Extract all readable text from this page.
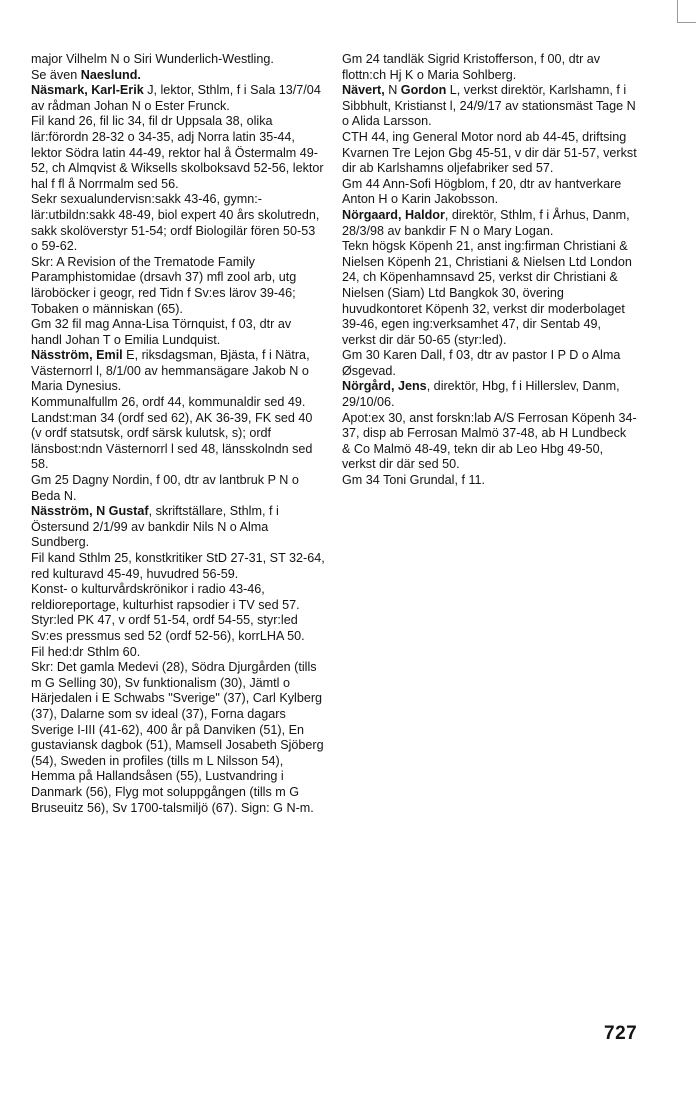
major Vilhelm N o Siri Wunderlich-Westling.

Se även Naeslund.

Näsmark, Karl-Erik J, lektor, Sthlm, f i Sala 13/7/04 av rådman Johan N o Ester Frunck.

Fil kand 26, fil lic 34, fil dr Uppsala 38, olika lär:förordn 28-32 o 34-35, adj Norra latin 35-44, lektor Södra latin 44-49, rektor hal å Östermalm 49-52, ch Almqvist & Wiksells skolboksavd 52-56, lektor hal f fl å Norrmalm sed 56.

Sekr sexualundervisn:sakk 43-46, gymn:-lär:utbildn:sakk 48-49, biol expert 40 års skolutredn, sakk skolöverstyr 51-54; ordf Biologilär fören 50-53 o 59-62.

Skr: A Revision of the Trematode Family Paramphistomidae (drsavh 37) mfl zool arb, utg läroböcker i geogr, red Tidn f Sv:es lärov 39-46; Tobaken o människan (65).

Gm 32 fil mag Anna-Lisa Törnquist, f 03, dtr av handl Johan T o Emilia Lundquist.

Näsström, Emil E, riksdagsman, Bjästa, f i Nätra, Västernorrl l, 8/1/00 av hemmansägare Jakob N o Maria Dynesius.

Kommunalfullm 26, ordf 44, kommunaldir sed 49.

Landst:man 34 (ordf sed 62), AK 36-39, FK sed 40 (v ordf statsutsk, ordf särsk kulutsk, s); ordf länsbost:ndn Västernorrl l sed 48, länsskolndn sed 58.

Gm 25 Dagny Nordin, f 00, dtr av lantbruk P N o Beda N.

Näsström, N Gustaf, skriftställare, Sthlm, f i Östersund 2/1/99 av bankdir Nils N o Alma Sundberg.

Fil kand Sthlm 25, konstkritiker StD 27-31, ST 32-64, red kulturavd 45-49, huvudred 56-59.

Konst- o kulturvårdskrönikor i radio 43-46, reldioreportage, kulturhist rapsodier i TV sed 57.

Styr:led PK 47, v ordf 51-54, ordf 54-55, styr:led Sv:es pressmus sed 52 (ordf 52-56), korrLHA 50.

Fil hed:dr Sthlm 60.

Skr: Det gamla Medevi (28), Södra Djurgården (tills m G Selling 30), Sv funktionalism (30), Jämtl o Härjedalen i E Schwabs "Sverige" (37), Carl Kylberg (37), Dalarne som sv ideal (37), Forna dagars Sverige I-III (41-62), 400 år på Danviken (51), En gustaviansk dagbok (51), Mamsell Josabeth Sjöberg (54), Sweden in profiles (tills m L Nilsson 54), Hemma på Hallandsåsen (55), Lustvandring i Danmark (56), Flyg mot soluppgången (tills m G Bruseuitz 56), Sv 1700-talsmiljö (67). Sign: G N-m.

Gm 24 tandläk Sigrid Kristofferson, f 00, dtr av flottn:ch Hj K o Maria Sohlberg.

Nävert, N Gordon L, verkst direktör, Karlshamn, f i Sibbhult, Kristianst l, 24/9/17 av stationsmäst Tage N o Alida Larsson.

CTH 44, ing General Motor nord ab 44-45, driftsing Kvarnen Tre Lejon Gbg 45-51, v dir där 51-57, verkst dir ab Karlshamns oljefabriker sed 57.

Gm 44 Ann-Sofi Högblom, f 20, dtr av hantverkare Anton H o Karin Jakobsson.

Nörgaard, Haldor, direktör, Sthlm, f i Århus, Danm, 28/3/98 av bankdir F N o Mary Logan.

Tekn högsk Köpenh 21, anst ing:firman Christiani & Nielsen Köpenh 21, Christiani & Nielsen Ltd London 24, ch Köpenhamnsavd 25, verkst dir Christiani & Nielsen (Siam) Ltd Bangkok 30, övering huvudkontoret Köpenh 32, verkst dir moderbolaget 39-46, egen ing:verksamhet 47, dir Sentab 49, verkst dir där 50-65 (styr:led).

Gm 30 Karen Dall, f 03, dtr av pastor I P D o Alma Øsgevad.

Nörgård, Jens, direktör, Hbg, f i Hillerslev, Danm, 29/10/06.

Apot:ex 30, anst forskn:lab A/S Ferrosan Köpenh 34-37, disp ab Ferrosan Malmö 37-48, ab H Lundbeck & Co Malmö 48-49, tekn dir ab Leo Hbg 49-50, verkst dir där sed 50.

Gm 34 Toni Grundal, f 11.

727
